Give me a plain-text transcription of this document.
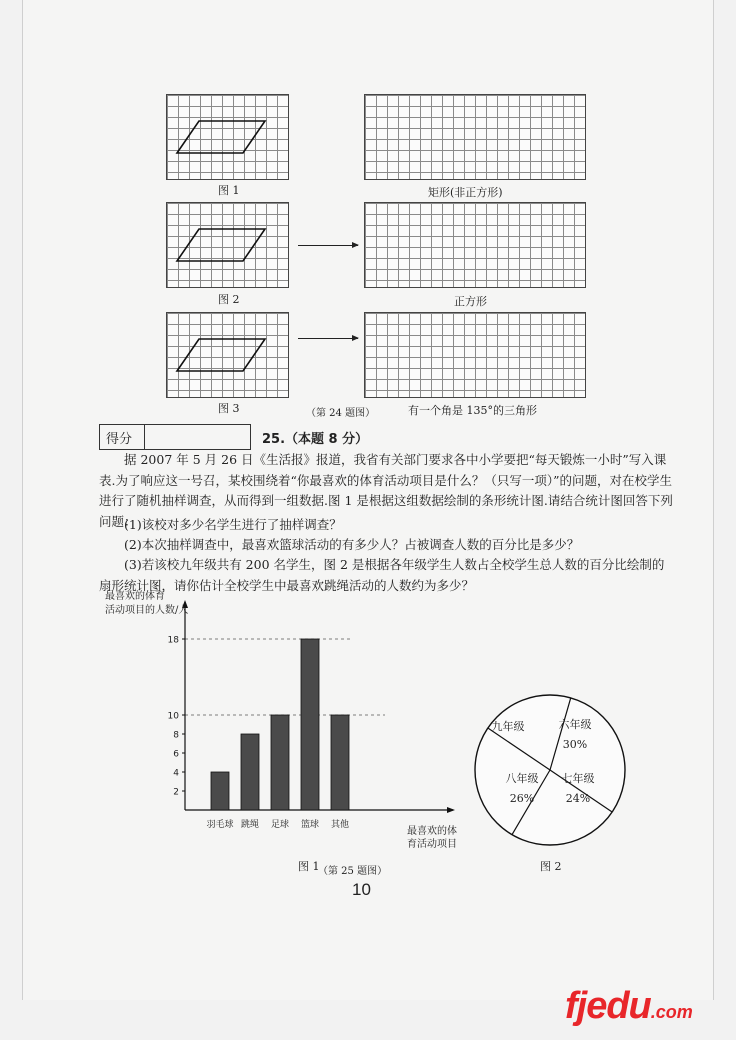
图 1	矩形(非正方形)
图 2	正方形
图 3	（第 24 题图）	有一个角是 135°的三角形
得分	25.（本题 8 分）
据 2007 年 5 月 26 日《生活报》报道，我省有关部门要求各中小学要把“每天锻炼一小时”写入课表.为了响应这一号召，某校围绕着“你最喜欢的体育活动项目是什么？（只写一项）”的问题，对在校学生进行了随机抽样调查，从而得到一组数据.图 1 是根据这组数据绘制的条形统计图.请结合统计图回答下列问题：
(1)该校对多少名学生进行了抽样调查？
(2)本次抽样调查中，最喜欢篮球活动的有多少人？占被调查人数的百分比是多少？
(3)若该校九年级共有 200 名学生，图 2 是根据各年级学生人数占全校学生总人数的百分比绘制的扇形统计图，请你估计全校学生中最喜欢跳绳活动的人数约为多少？
最喜欢的体育
活动项目的人数/人
最喜欢的体
育活动项目
2
4
6
8
10
18
羽毛球 跳绳 足球 篮球 其他
图 1
六年级
30%
七年级
24%
八年级
26%
九年级
图 2
（第 25 题图）
10
fjedu.com
